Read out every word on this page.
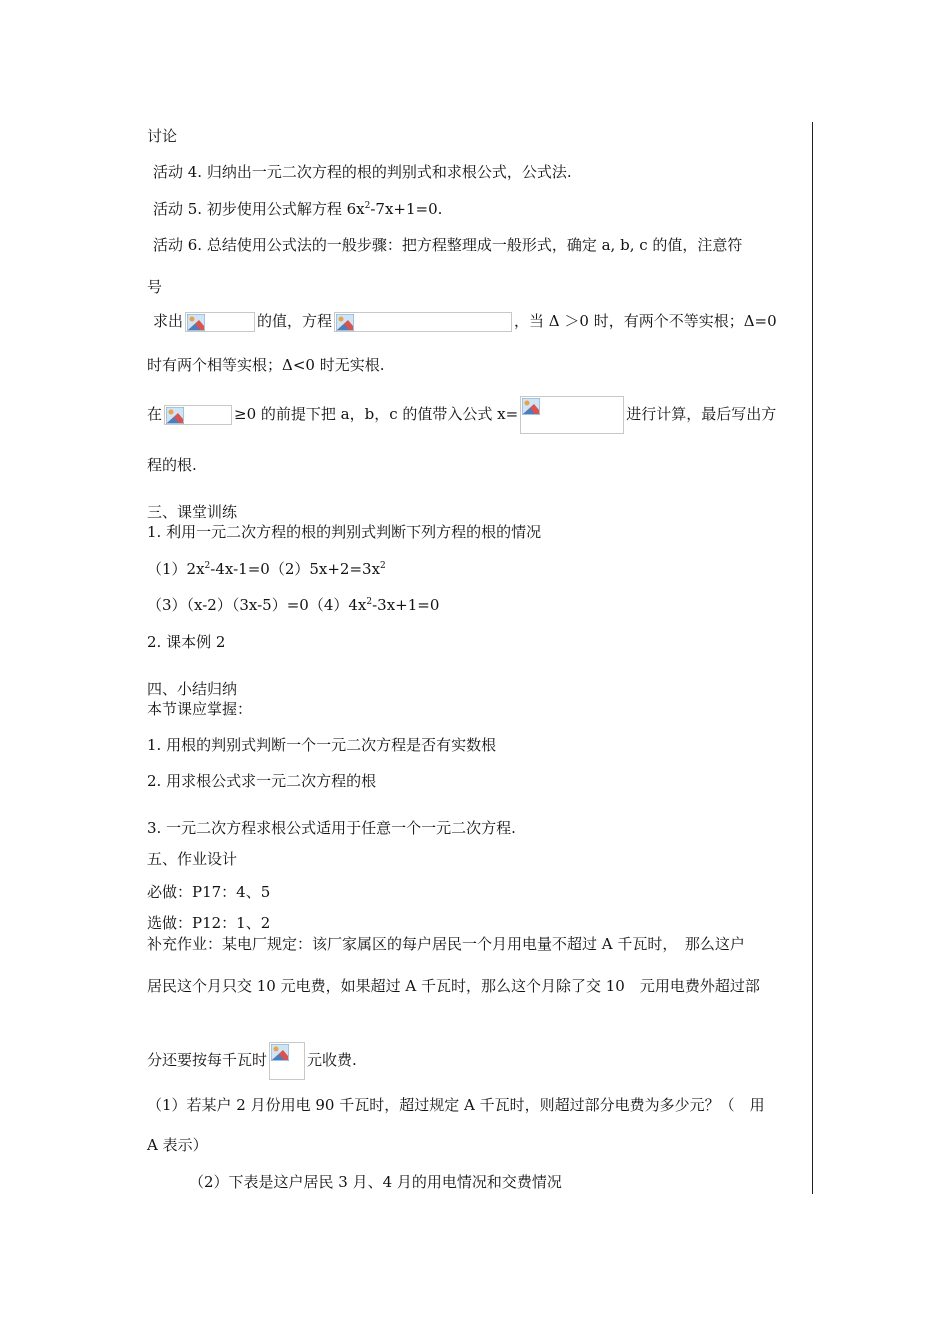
讨论
活动 4. 归纳出一元二次方程的根的判别式和求根公式，公式法.
活动 5. 初步使用公式解方程 $6x^2-7x+1=0$.
活动 6. 总结使用公式法的一般步骤：把方程整理成一般形式，确定 a, b, c 的值，注意符
号
求出	的值，方程	，当 Δ ＞0 时，有两个不等实根；Δ=0
时有两个相等实根；Δ<0 时无实根.
在	≥0 的前提下把 a，b，c 的值带入公式 x=	进行计算，最后写出方
程的根.
三、课堂训练
1. 利用一元二次方程的根的判别式判断下列方程的根的情况
$(1)2x^2-4x-1=0(2)5x+2=3x^2$
$(3)(x-2)(3x-5)=0(4)4x^2-3x+1=0$
2. 课本例 2
四、小结归纳
本节课应掌握：
1. 用根的判别式判断一个一元二次方程是否有实数根
2. 用求根公式求一元二次方程的根
3. 一元二次方程求根公式适用于任意一个一元二次方程.
五、作业设计
必做：P17：4、5
选做：P12：1、2
补充作业：某电厂规定：该厂家属区的每户居民一个月用电量不超过 A 千瓦时，　那么这户
居民这个月只交 10 元电费，如果超过 A 千瓦时，那么这个月除了交 10　元用电费外超过部
分还要按每千瓦时	元收费.
（1）若某户 2 月份用电 90 千瓦时，超过规定 A 千瓦时，则超过部分电费为多少元？（　用
A 表示）
（2）下表是这户居民 3 月、4 月的用电情况和交费情况
